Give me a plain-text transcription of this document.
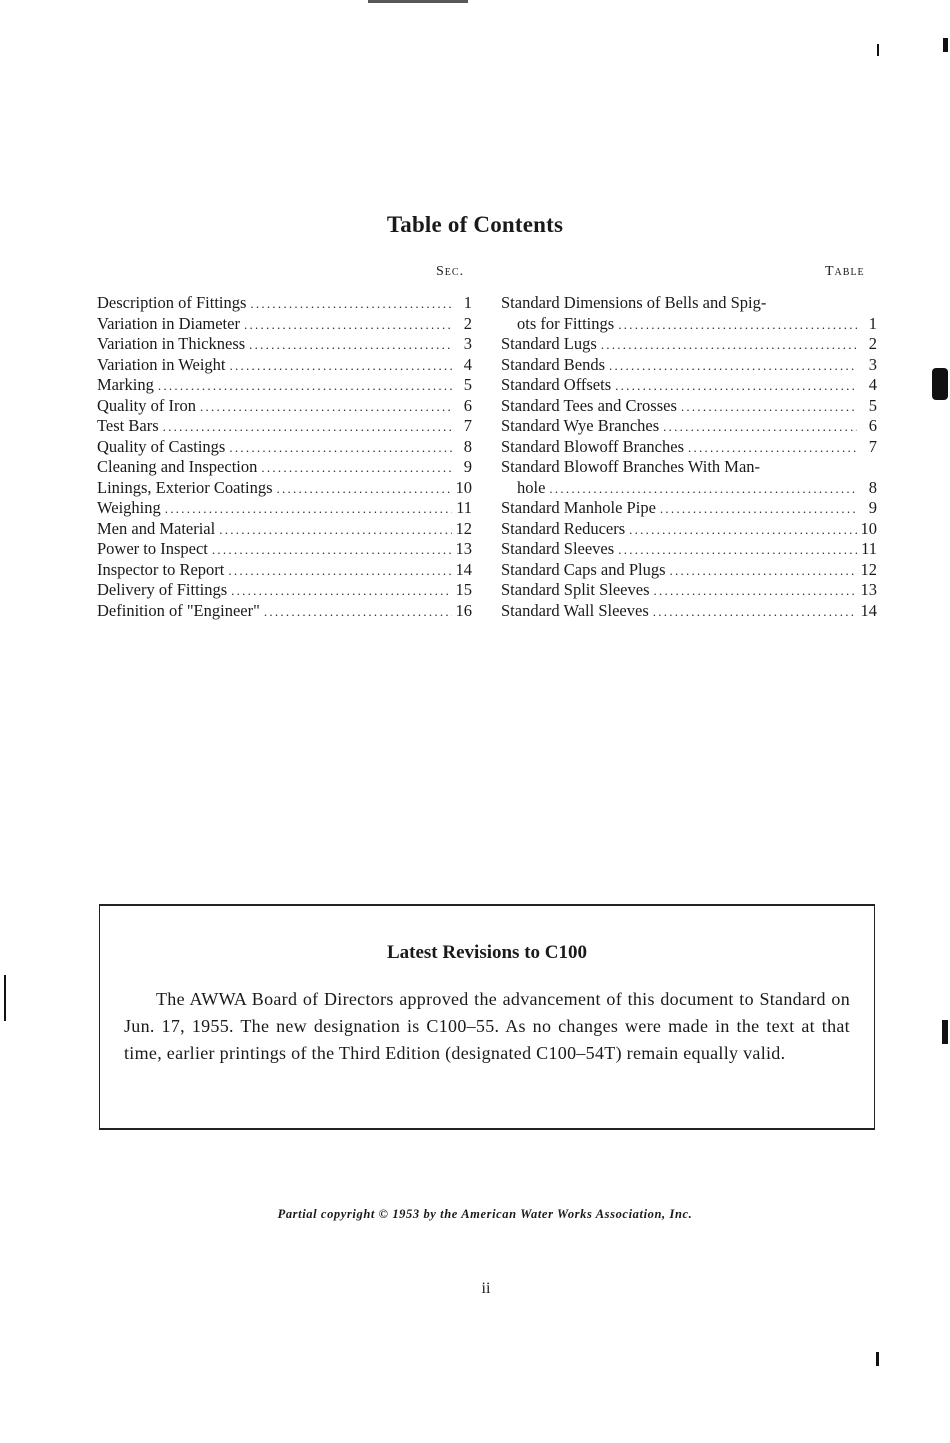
Table of Contents
Sec.	Table
Description of Fittings . . .	1
Variation in Diameter . . .	2
Variation in Thickness . . .	3
Variation in Weight . . .	4
Marking . . .	5
Quality of Iron . . .	6
Test Bars . . .	7
Quality of Castings . . .	8
Cleaning and Inspection . . .	9
Linings, Exterior Coatings . . .	10
Weighing . . .	11
Men and Material . . .	12
Power to Inspect . . .	13
Inspector to Report . . .	14
Delivery of Fittings . . .	15
Definition of "Engineer" . . .	16
Standard Dimensions of Bells and Spig-
ots for Fittings . . .	1
Standard Lugs . . .	2
Standard Bends . . .	3
Standard Offsets . . .	4
Standard Tees and Crosses . . .	5
Standard Wye Branches . . .	6
Standard Blowoff Branches . . .	7
Standard Blowoff Branches With Man-
hole . . .	8
Standard Manhole Pipe . . .	9
Standard Reducers . . .	10
Standard Sleeves . . .	11
Standard Caps and Plugs . . .	12
Standard Split Sleeves . . .	13
Standard Wall Sleeves . . .	14
Latest Revisions to C100
The AWWA Board of Directors approved the advancement of this document to Standard on Jun. 17, 1955. The new designation is C100–55. As no changes were made in the text at that time, earlier printings of the Third Edition (designated C100–54T) remain equally valid.
Partial copyright © 1953 by the American Water Works Association, Inc.
ii
